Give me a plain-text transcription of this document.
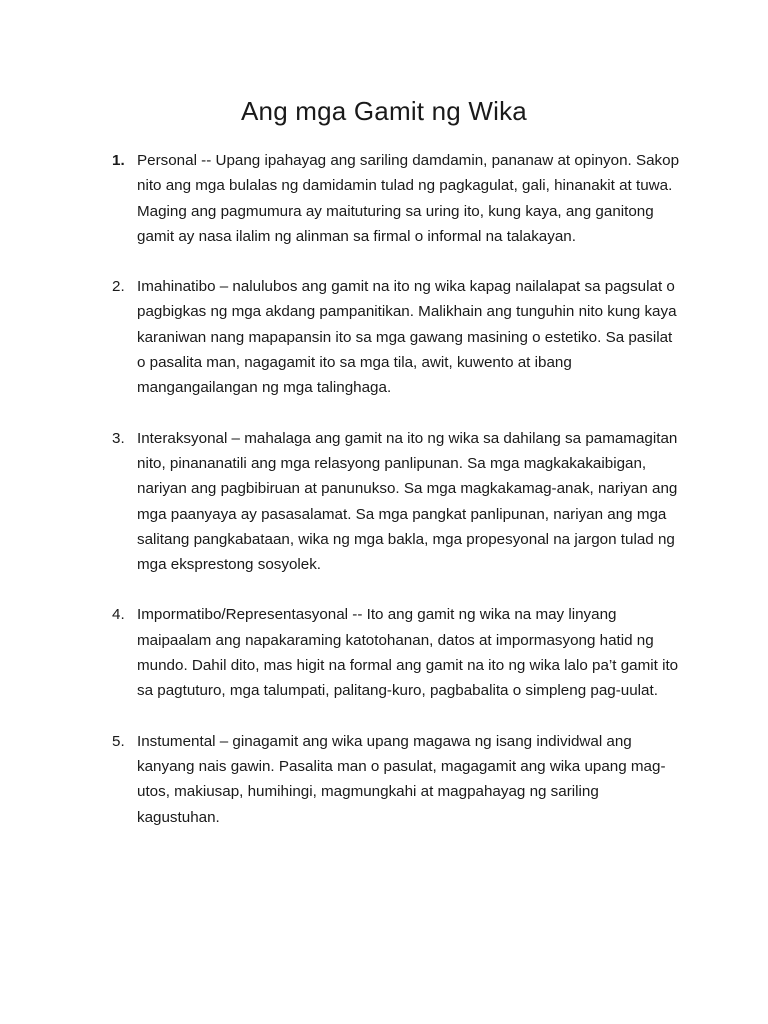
Ang mga Gamit ng Wika
1. Personal -- Upang ipahayag ang sariling damdamin, pananaw at opinyon. Sakop nito ang mga bulalas ng damidamin tulad ng pagkagulat, gali, hinanakit at tuwa. Maging ang pagmumura ay maituturing sa uring ito, kung kaya, ang ganitong gamit ay nasa ilalim ng alinman sa firmal o informal na talakayan.
2. Imahinatibo – nalulubos ang gamit na ito ng wika kapag nailalapat sa pagsulat o pagbigkas ng mga akdang pampanitikan. Malikhain ang tunguhin nito kung kaya karaniwan nang mapapansin ito sa mga gawang masining o estetiko. Sa pasilat o pasalita man, nagagamit ito sa mga tila, awit, kuwento at ibang mangangailangan ng mga talinghaga.
3. Interaksyonal – mahalaga ang gamit na ito ng wika sa dahilang sa pamamagitan nito, pinananatili ang mga relasyong panlipunan. Sa mga magkakakaibigan, nariyan ang pagbibiruan at panunukso. Sa mga magkakamag-anak, nariyan ang mga paanyaya ay pasasalamat. Sa mga pangkat panlipunan, nariyan ang mga salitang pangkabataan, wika ng mga bakla, mga propesyonal na jargon tulad ng mga eksprestong sosyolek.
4. Impormatibo/Representasyonal -- Ito ang gamit ng wika na may linyang maipaalam ang napakaraming katotohanan, datos at impormasyong hatid ng mundo. Dahil dito, mas higit na formal ang gamit na ito ng wika lalo pa’t gamit ito sa pagtuturo, mga talumpati, palitang-kuro, pagbabalita o simpleng pag-uulat.
5. Instumental – ginagamit ang wika upang magawa ng isang individwal ang kanyang nais gawin. Pasalita man o pasulat, magagamit ang wika upang mag-utos, makiusap, humihingi, magmungkahi at magpahayag ng sariling kagustuhan.
